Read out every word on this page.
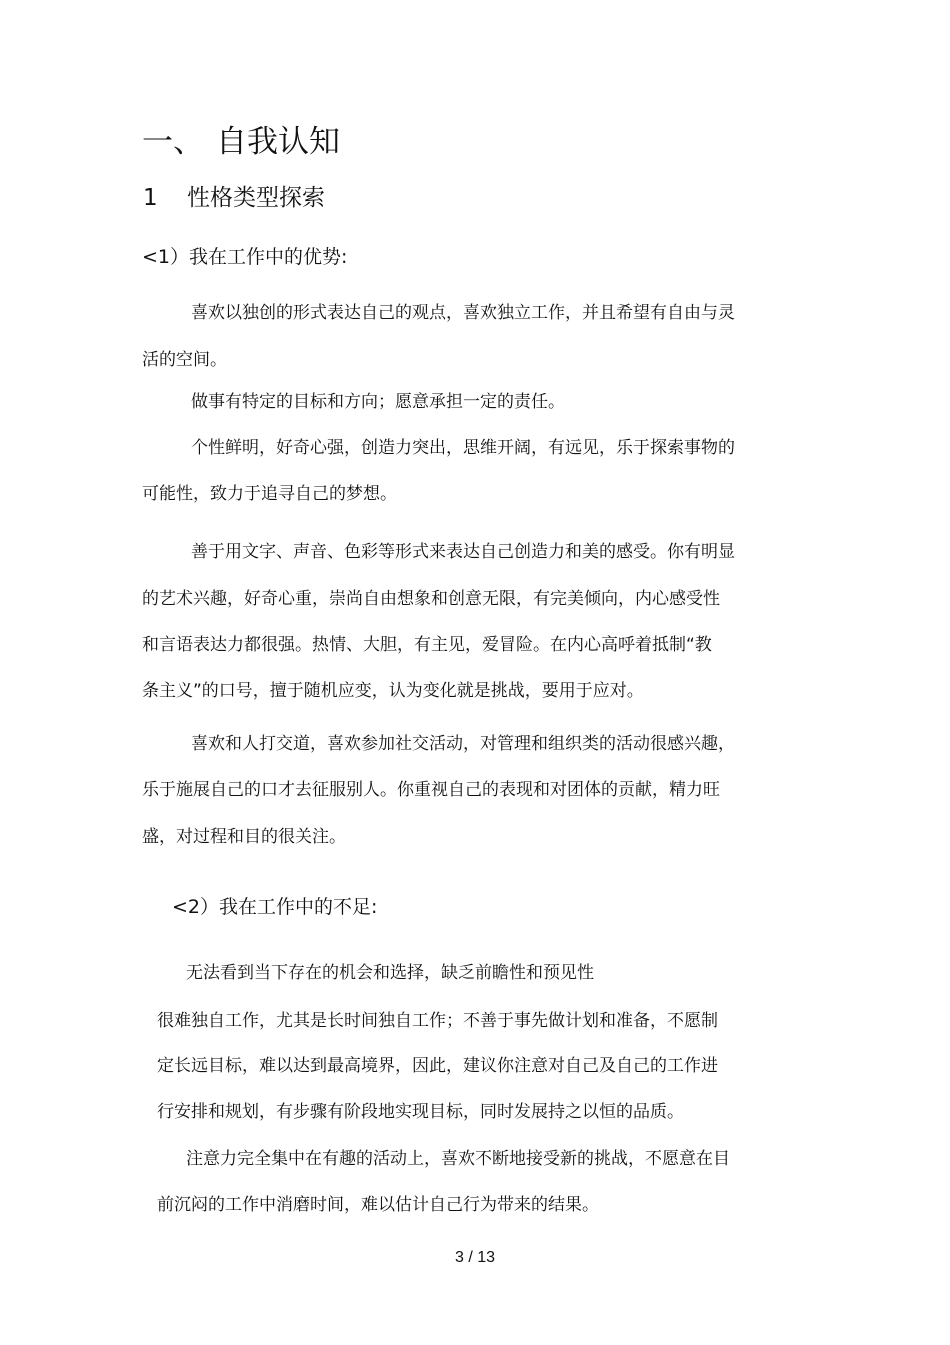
一、 自我认知
1 性格类型探索
<1）我在工作中的优势:
喜欢以独创的形式表达自己的观点，喜欢独立工作，并且希望有自由与灵
活的空间。
做事有特定的目标和方向；愿意承担一定的责任。
个性鲜明，好奇心强，创造力突出，思维开阔，有远见，乐于探索事物的
可能性，致力于追寻自己的梦想。
善于用文字、声音、色彩等形式来表达自己创造力和美的感受。你有明显
的艺术兴趣，好奇心重，崇尚自由想象和创意无限，有完美倾向，内心感受性
和言语表达力都很强。热情、大胆，有主见，爱冒险。在内心高呼着抵制“教
条主义”的口号，擅于随机应变，认为变化就是挑战，要用于应对。
喜欢和人打交道，喜欢参加社交活动，对管理和组织类的活动很感兴趣，
乐于施展自己的口才去征服别人。你重视自己的表现和对团体的贡献，精力旺
盛，对过程和目的很关注。
<2）我在工作中的不足:
无法看到当下存在的机会和选择，缺乏前瞻性和预见性
很难独自工作，尤其是长时间独自工作；不善于事先做计划和准备，不愿制
定长远目标，难以达到最高境界，因此，建议你注意对自己及自己的工作进
行安排和规划，有步骤有阶段地实现目标，同时发展持之以恒的品质。
注意力完全集中在有趣的活动上，喜欢不断地接受新的挑战，不愿意在目
前沉闷的工作中消磨时间，难以估计自己行为带来的结果。
3 / 13
